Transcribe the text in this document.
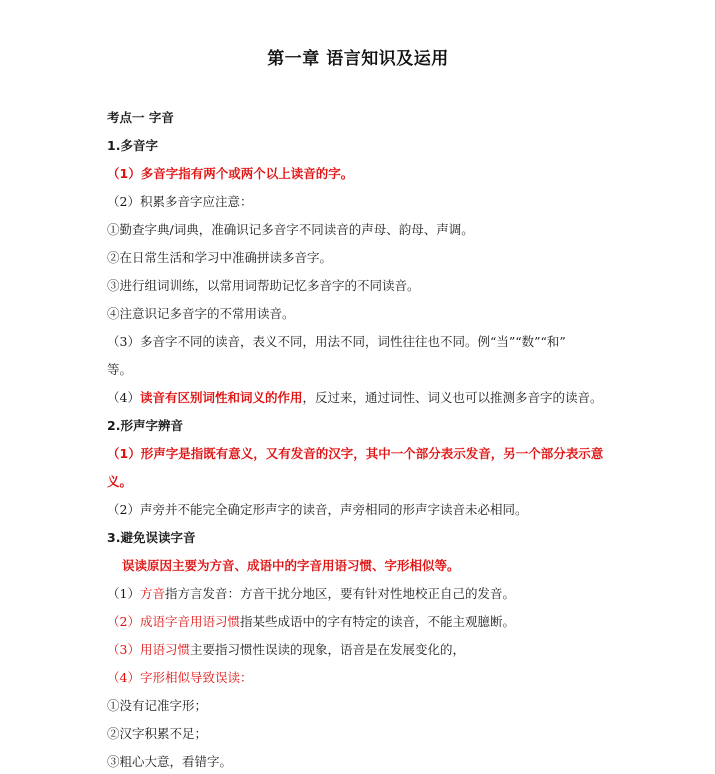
第一章 语言知识及运用
考点一 字音
1.多音字
（1）多音字指有两个或两个以上读音的字。
（2）积累多音字应注意：
①勤查字典/词典，准确识记多音字不同读音的声母、韵母、声调。
②在日常生活和学习中准确拼读多音字。
③进行组词训练，以常用词帮助记忆多音字的不同读音。
④注意识记多音字的不常用读音。
（3）多音字不同的读音，表义不同，用法不同，词性往往也不同。例“当”“数”“和”
等。
（4）读音有区别词性和词义的作用，反过来，通过词性、词义也可以推测多音字的读音。
2.形声字辨音
（1）形声字是指既有意义，又有发音的汉字，其中一个部分表示发音，另一个部分表示意
义。
（2）声旁并不能完全确定形声字的读音，声旁相同的形声字读音未必相同。
3.避免误读字音
误读原因主要为方音、成语中的字音用语习惯、字形相似等。
（1）方音指方言发音：方音干扰分地区，要有针对性地校正自己的发音。
（2）成语字音用语习惯指某些成语中的字有特定的读音，不能主观臆断。
（3）用语习惯主要指习惯性误读的现象，语音是在发展变化的，
（4）字形相似导致误读：
①没有记准字形；
②汉字积累不足；
③粗心大意，看错字。
